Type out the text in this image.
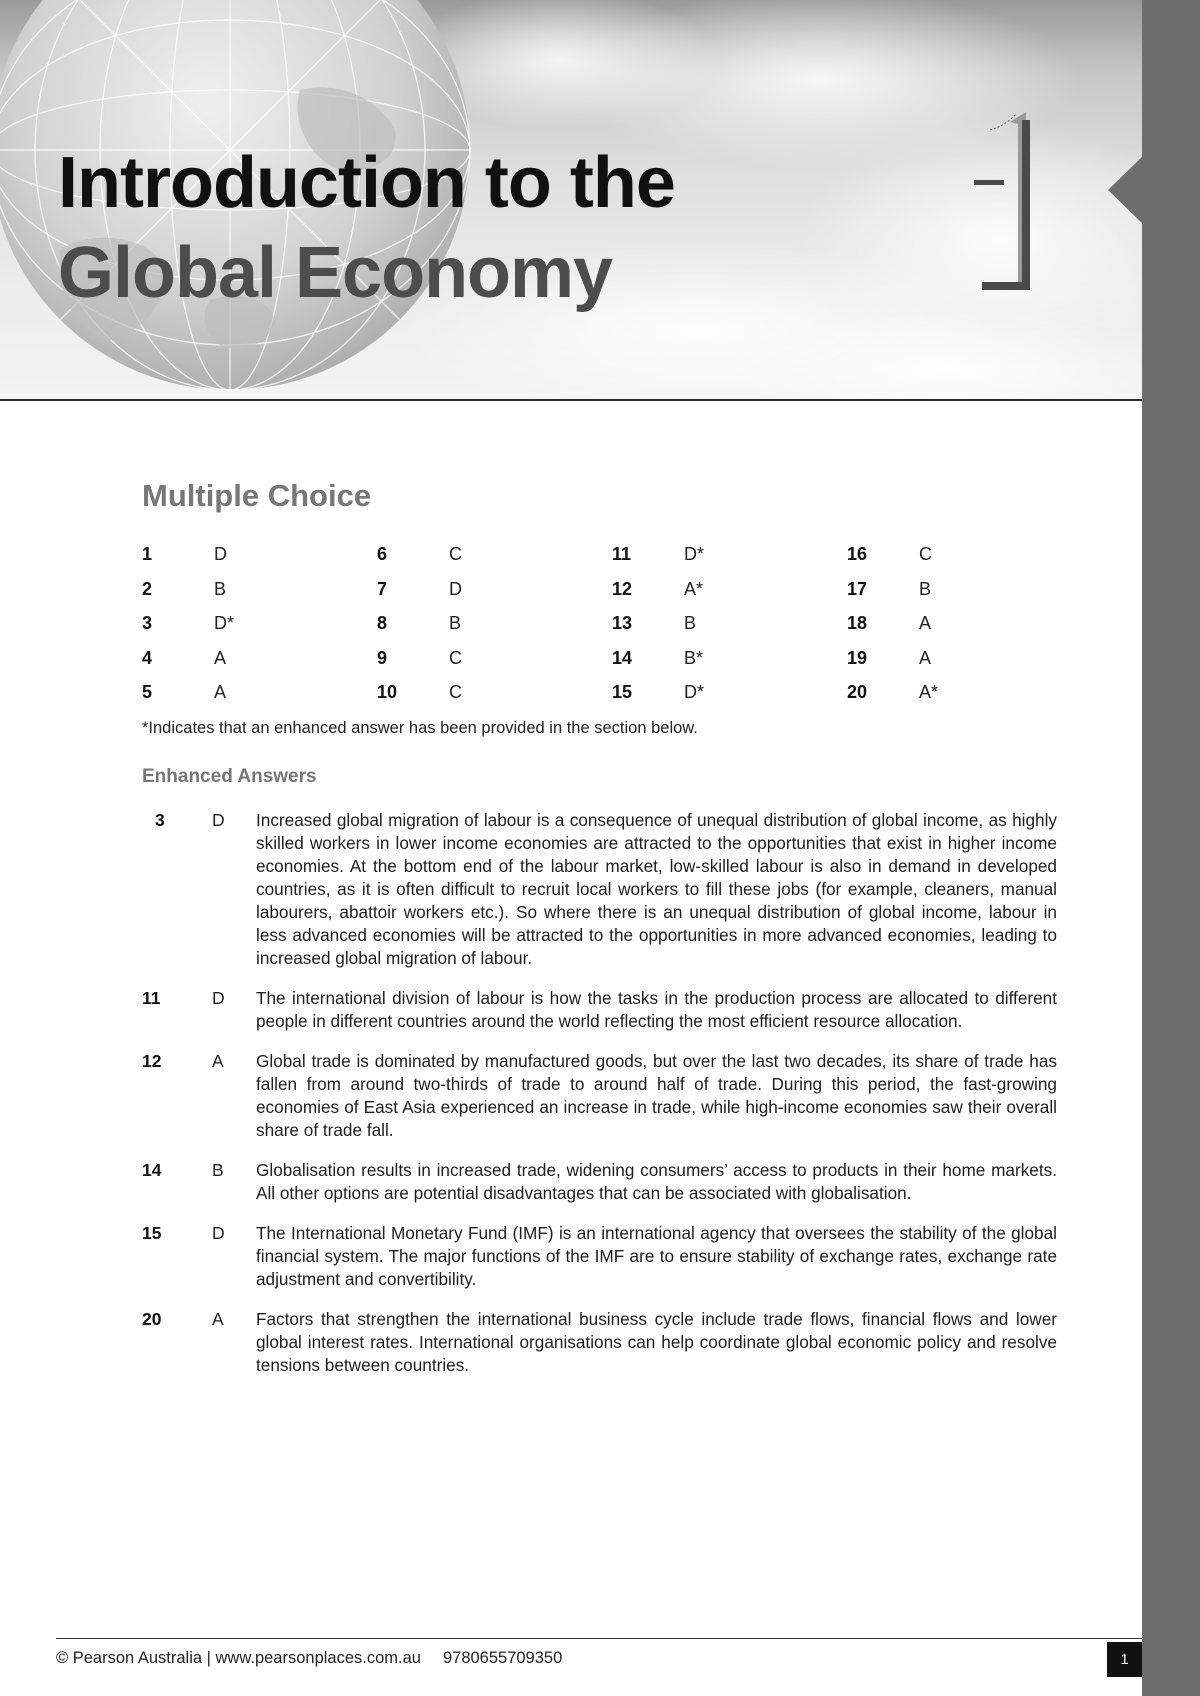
Introduction to the
Global Economy
Multiple Choice
1	D	6	C	11	D*	16	C
2	B	7	D	12	A*	17	B
3	D*	8	B	13	B	18	A
4	A	9	C	14	B*	19	A
5	A	10	C	15	D*	20	A*

*Indicates that an enhanced answer has been provided in the section below.

Enhanced Answers
3	D	Increased global migration of labour is a consequence of unequal distribution of global income, as highly skilled workers in lower income economies are attracted to the opportunities that exist in higher income economies. At the bottom end of the labour market, low-skilled labour is also in demand in developed countries, as it is often difficult to recruit local workers to fill these jobs (for example, cleaners, manual labourers, abattoir workers etc.). So where there is an unequal distribution of global income, labour in less advanced economies will be attracted to the opportunities in more advanced economies, leading to increased global migration of labour.

11	D	The international division of labour is how the tasks in the production process are allocated to different people in different countries around the world reflecting the most efficient resource allocation.

12	A	Global trade is dominated by manufactured goods, but over the last two decades, its share of trade has fallen from around two-thirds of trade to around half of trade. During this period, the fast-growing economies of East Asia experienced an increase in trade, while high-income economies saw their overall share of trade fall.

14	B	Globalisation results in increased trade, widening consumers’ access to products in their home markets. All other options are potential disadvantages that can be associated with globalisation.

15	D	The International Monetary Fund (IMF) is an international agency that oversees the stability of the global financial system. The major functions of the IMF are to ensure stability of exchange rates, exchange rate adjustment and convertibility.

20	A	Factors that strengthen the international business cycle include trade flows, financial flows and lower global interest rates. International organisations can help coordinate global economic policy and resolve tensions between countries.

© Pearson Australia | www.pearsonplaces.com.au 9780655709350	1
